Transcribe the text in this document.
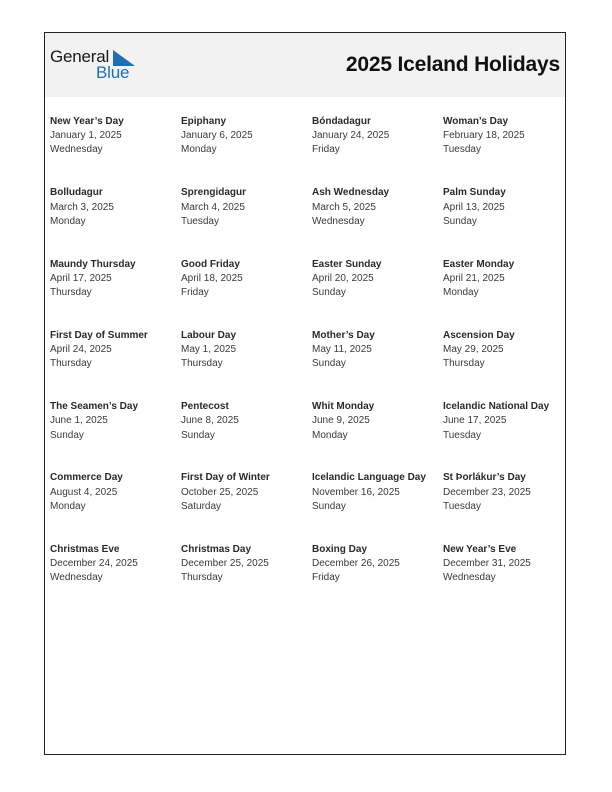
General
Blue	2025 Iceland Holidays
New Year’s Day
January 1, 2025
Wednesday
Epiphany
January 6, 2025
Monday
Bóndadagur
January 24, 2025
Friday
Woman’s Day
February 18, 2025
Tuesday
Bolludagur
March 3, 2025
Monday
Sprengidagur
March 4, 2025
Tuesday
Ash Wednesday
March 5, 2025
Wednesday
Palm Sunday
April 13, 2025
Sunday
Maundy Thursday
April 17, 2025
Thursday
Good Friday
April 18, 2025
Friday
Easter Sunday
April 20, 2025
Sunday
Easter Monday
April 21, 2025
Monday
First Day of Summer
April 24, 2025
Thursday
Labour Day
May 1, 2025
Thursday
Mother’s Day
May 11, 2025
Sunday
Ascension Day
May 29, 2025
Thursday
The Seamen’s Day
June 1, 2025
Sunday
Pentecost
June 8, 2025
Sunday
Whit Monday
June 9, 2025
Monday
Icelandic National Day
June 17, 2025
Tuesday
Commerce Day
August 4, 2025
Monday
First Day of Winter
October 25, 2025
Saturday
Icelandic Language Day
November 16, 2025
Sunday
St Þorlákur’s Day
December 23, 2025
Tuesday
Christmas Eve
December 24, 2025
Wednesday
Christmas Day
December 25, 2025
Thursday
Boxing Day
December 26, 2025
Friday
New Year’s Eve
December 31, 2025
Wednesday
